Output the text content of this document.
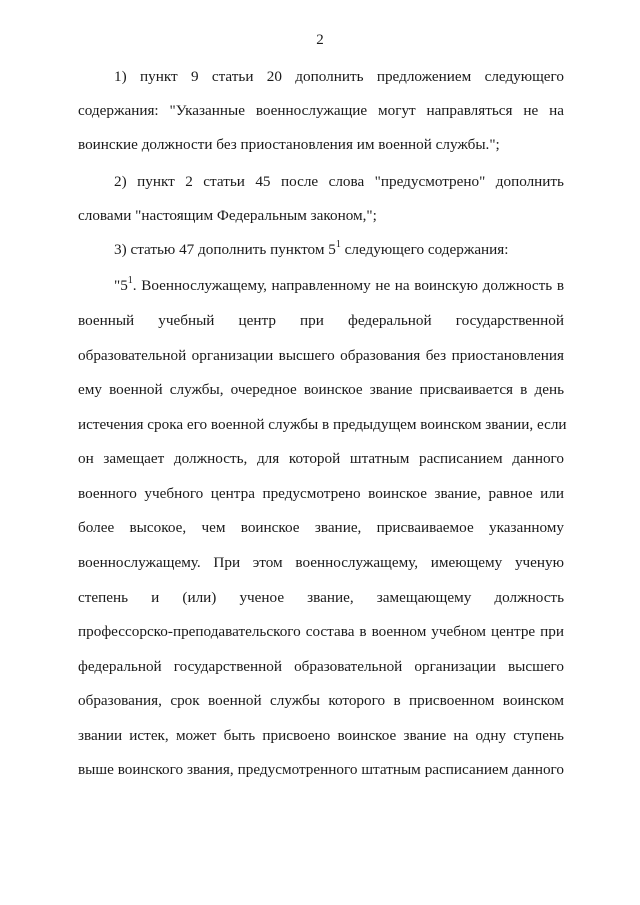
2
1) пункт 9 статьи 20 дополнить предложением следующего
содержания: "Указанные военнослужащие могут направляться не на
воинские должности без приостановления им военной службы.";
2) пункт 2 статьи 45 после слова "предусмотрено" дополнить
словами "настоящим Федеральным законом,";
3) статью 47 дополнить пунктом $5^1$ следующего содержания:
"$5^1$. Военнослужащему, направленному не на воинскую должность в
военный учебный центр при федеральной государственной
образовательной организации высшего образования без приостановления
ему военной службы, очередное воинское звание присваивается в день
истечения срока его военной службы в предыдущем воинском звании, если
он замещает должность, для которой штатным расписанием данного
военного учебного центра предусмотрено воинское звание, равное или
более высокое, чем воинское звание, присваиваемое указанному
военнослужащему. При этом военнослужащему, имеющему ученую
степень и (или) ученое звание, замещающему должность
профессорско-преподавательского состава в военном учебном центре при
федеральной государственной образовательной организации высшего
образования, срок военной службы которого в присвоенном воинском
звании истек, может быть присвоено воинское звание на одну ступень
выше воинского звания, предусмотренного штатным расписанием данного
